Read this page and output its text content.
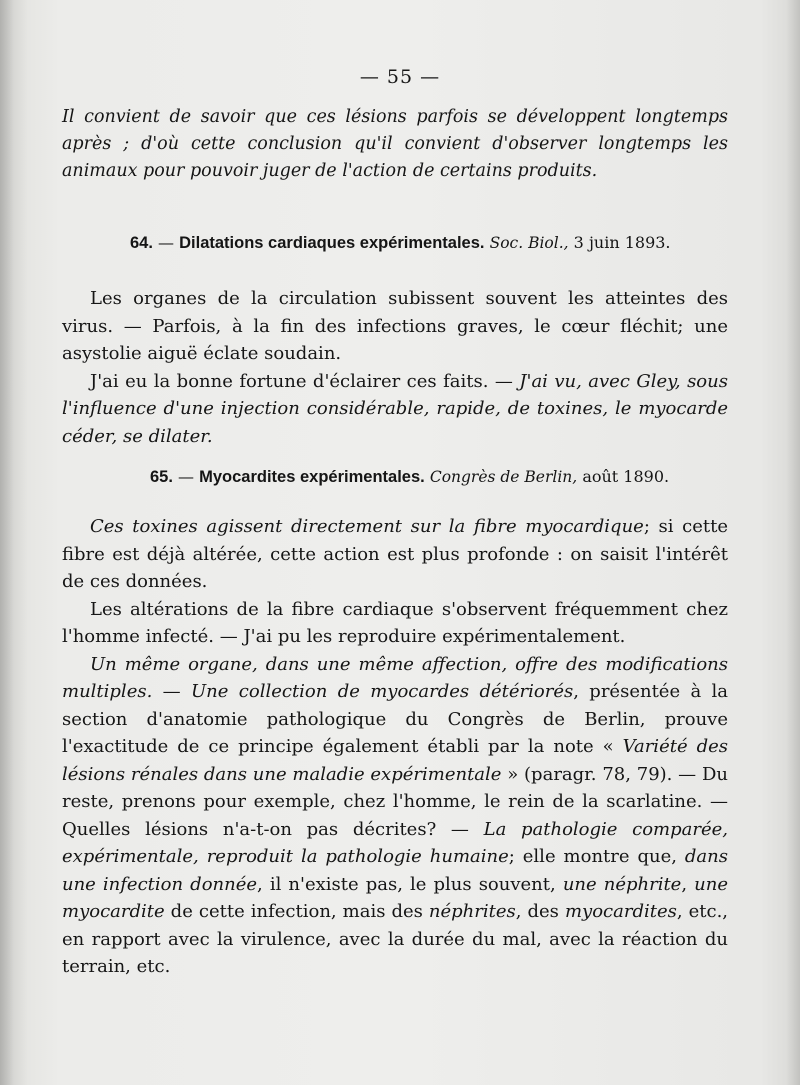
— 55 —
Il convient de savoir que ces lésions parfois se développent longtemps après ; d'où cette conclusion qu'il convient d'observer longtemps les animaux pour pouvoir juger de l'action de certains produits.
64. — Dilatations cardiaques expérimentales. Soc. Biol., 3 juin 1893.

Les organes de la circulation subissent souvent les atteintes des virus. — Parfois, à la fin des infections graves, le cœur fléchit; une asystolie aiguë éclate soudain.

J'ai eu la bonne fortune d'éclairer ces faits. — J'ai vu, avec Gley, sous l'influence d'une injection considérable, rapide, de toxines, le myocarde céder, se dilater.

65. — Myocardites expérimentales. Congrès de Berlin, août 1890.

Ces toxines agissent directement sur la fibre myocardique; si cette fibre est déjà altérée, cette action est plus profonde : on saisit l'intérêt de ces données.

Les altérations de la fibre cardiaque s'observent fréquemment chez l'homme infecté. — J'ai pu les reproduire expérimentalement.

Un même organe, dans une même affection, offre des modifications multiples. — Une collection de myocardes détériorés, présentée à la section d'anatomie pathologique du Congrès de Berlin, prouve l'exactitude de ce principe également établi par la note « Variété des lésions rénales dans une maladie expérimentale » (paragr. 78, 79). — Du reste, prenons pour exemple, chez l'homme, le rein de la scarlatine. — Quelles lésions n'a-t-on pas décrites? — La pathologie comparée, expérimentale, reproduit la pathologie humaine; elle montre que, dans une infection donnée, il n'existe pas, le plus souvent, une néphrite, une myocardite de cette infection, mais des néphrites, des myocardites, etc., en rapport avec la virulence, avec la durée du mal, avec la réaction du terrain, etc.
